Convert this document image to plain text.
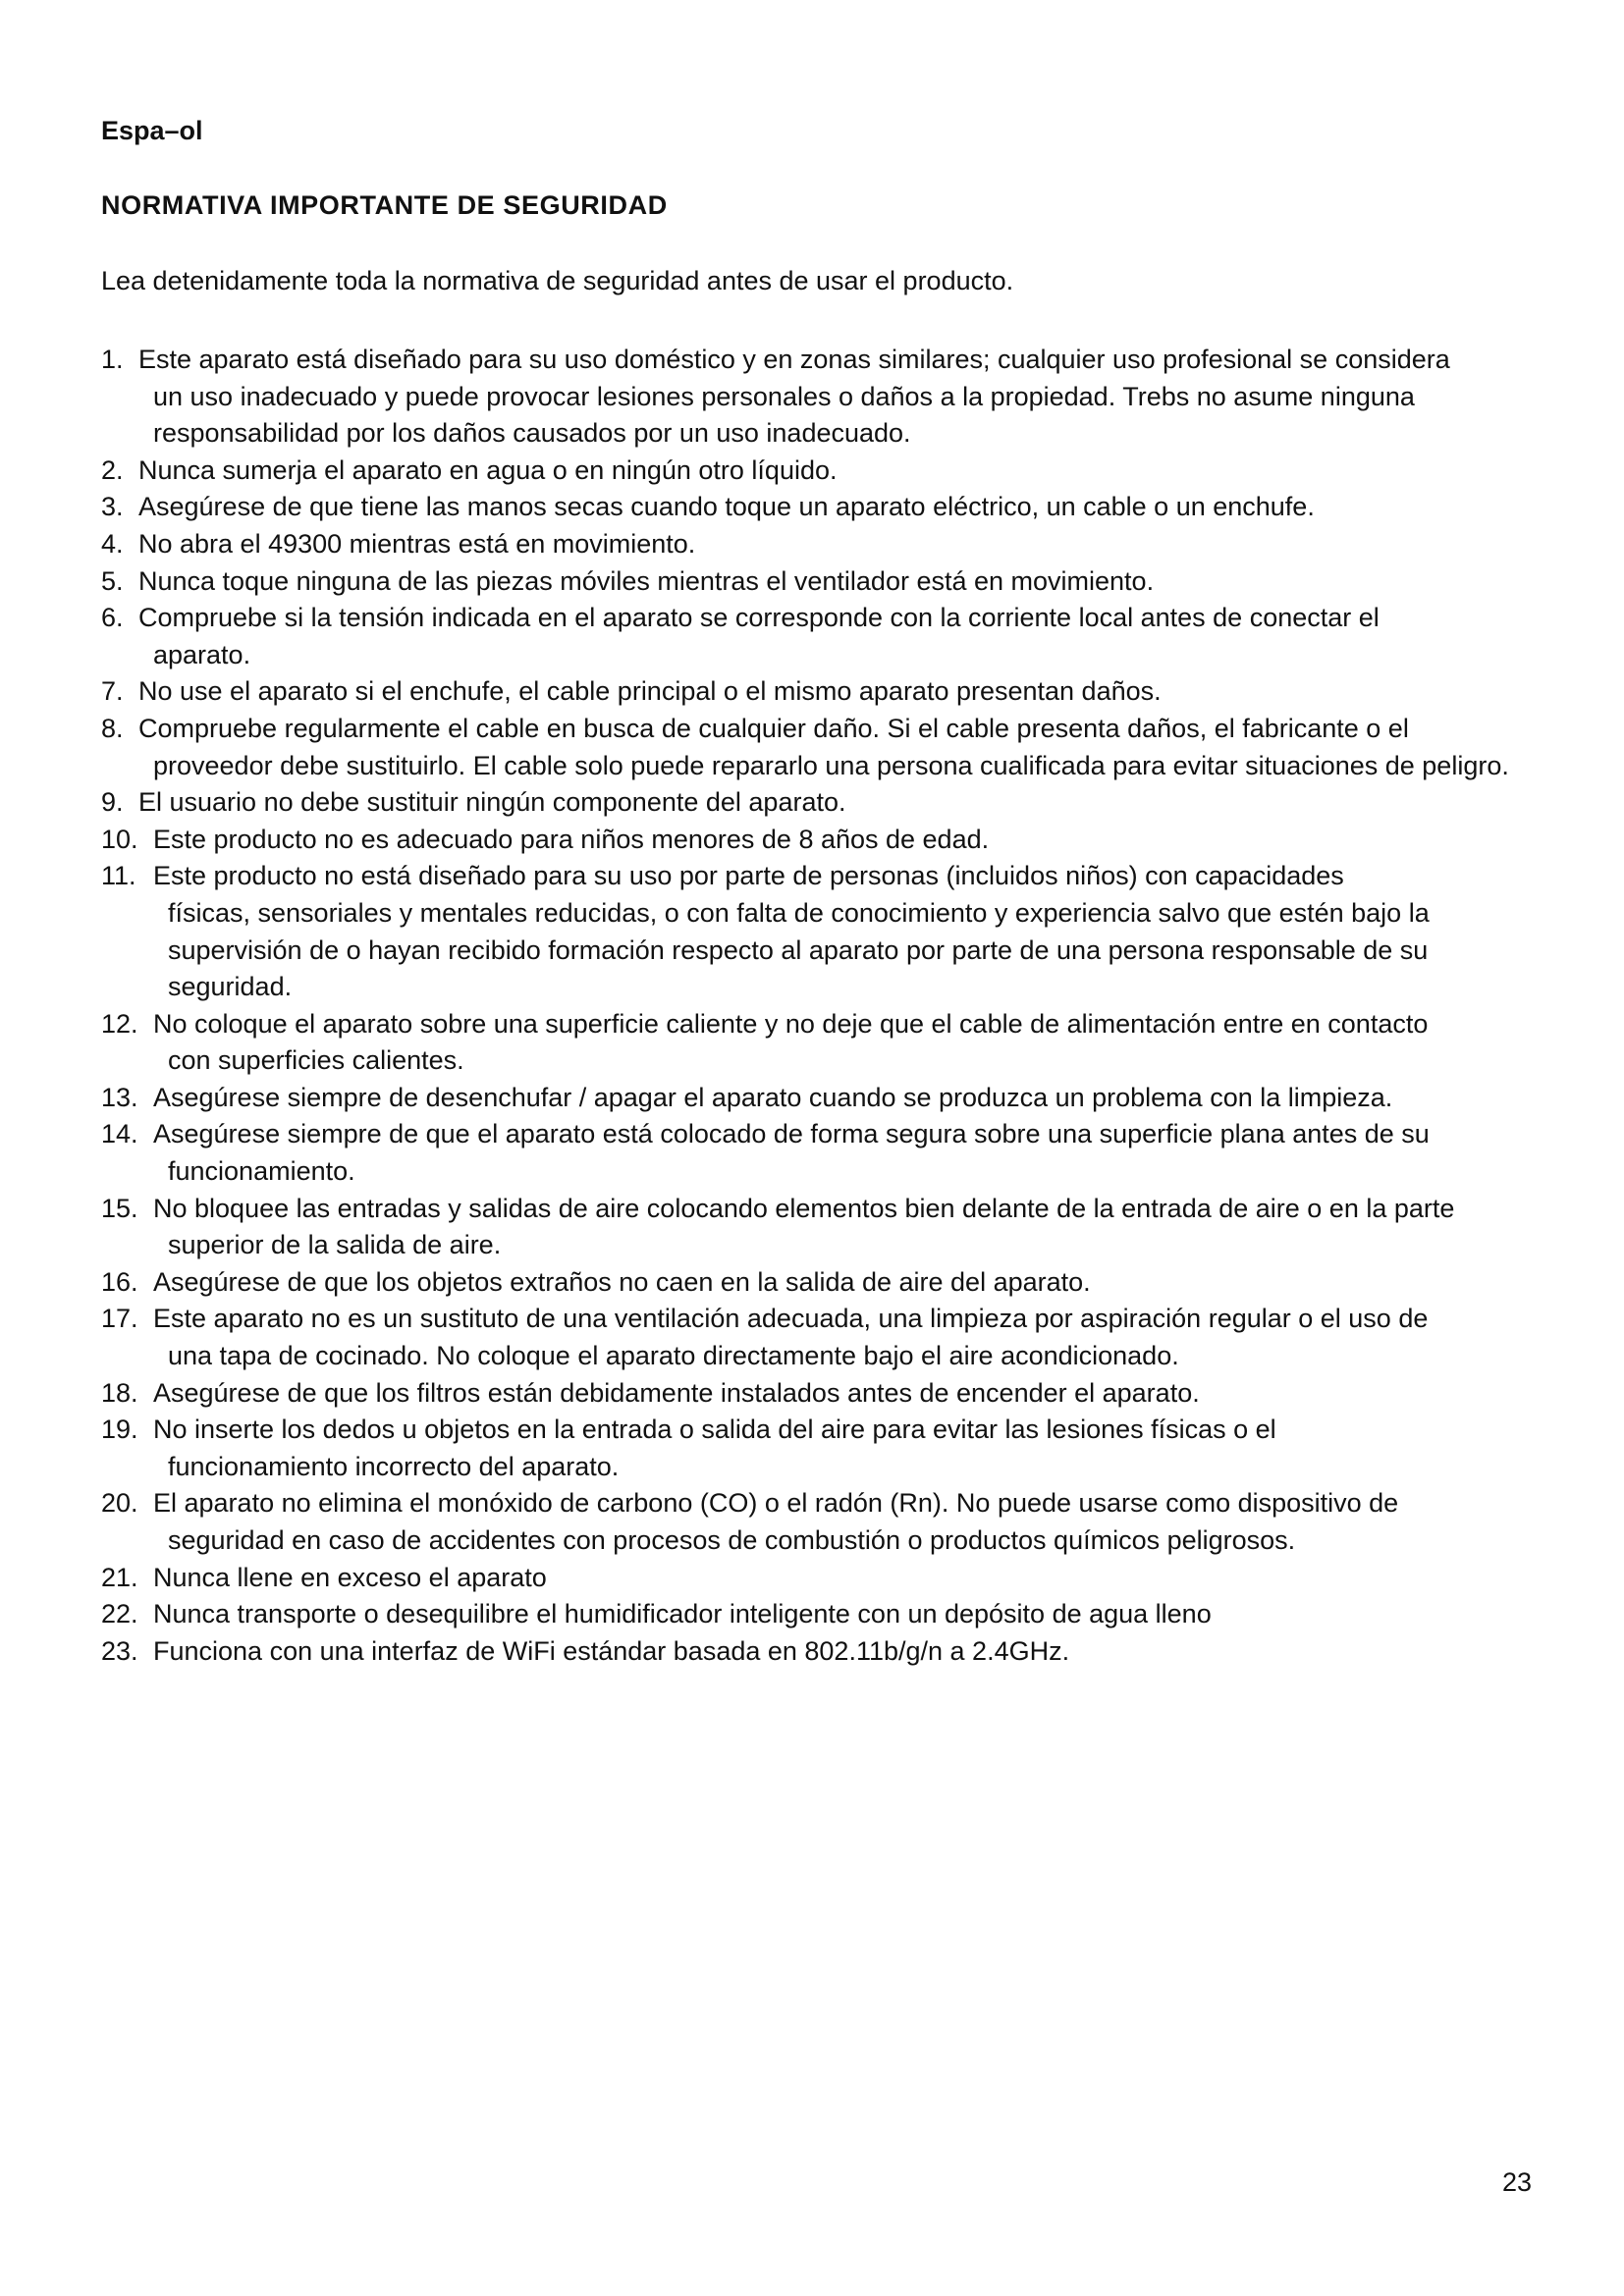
Espa–ol

NORMATIVA IMPORTANTE DE SEGURIDAD

Lea detenidamente toda la normativa de seguridad antes de usar el producto.

1. Este aparato está diseñado para su uso doméstico y en zonas similares; cualquier uso profesional se considera
un uso inadecuado y puede provocar lesiones personales o daños a la propiedad. Trebs no asume ninguna responsabilidad por los daños causados por un uso inadecuado.
2. Nunca sumerja el aparato en agua o en ningún otro líquido.
3. Asegúrese de que tiene las manos secas cuando toque un aparato eléctrico, un cable o un enchufe.
4. No abra el 49300 mientras está en movimiento.
5. Nunca toque ninguna de las piezas móviles mientras el ventilador está en movimiento.
6. Compruebe si la tensión indicada en el aparato se corresponde con la corriente local antes de conectar el
aparato.
7. No use el aparato si el enchufe, el cable principal o el mismo aparato presentan daños.
8. Compruebe regularmente el cable en busca de cualquier daño. Si el cable presenta daños, el fabricante o el
proveedor debe sustituirlo. El cable solo puede repararlo una persona cualificada para evitar situaciones de peligro.
9. El usuario no debe sustituir ningún componente del aparato.
10. Este producto no es adecuado para niños menores de 8 años de edad.
11. Este producto no está diseñado para su uso por parte de personas (incluidos niños) con capacidades
físicas, sensoriales y mentales reducidas, o con falta de conocimiento y experiencia salvo que estén bajo la supervisión de o hayan recibido formación respecto al aparato por parte de una persona responsable de su seguridad.
12. No coloque el aparato sobre una superficie caliente y no deje que el cable de alimentación entre en contacto
con superficies calientes.
13. Asegúrese siempre de desenchufar / apagar el aparato cuando se produzca un problema con la limpieza.
14. Asegúrese siempre de que el aparato está colocado de forma segura sobre una superficie plana antes de su
funcionamiento.
15. No bloquee las entradas y salidas de aire colocando elementos bien delante de la entrada de aire o en la parte
superior de la salida de aire.
16. Asegúrese de que los objetos extraños no caen en la salida de aire del aparato.
17. Este aparato no es un sustituto de una ventilación adecuada, una limpieza por aspiración regular o el uso de
una tapa de cocinado. No coloque el aparato directamente bajo el aire acondicionado.
18. Asegúrese de que los filtros están debidamente instalados antes de encender el aparato.
19. No inserte los dedos u objetos en la entrada o salida del aire para evitar las lesiones físicas o el
funcionamiento incorrecto del aparato.
20. El aparato no elimina el monóxido de carbono (CO) o el radón (Rn). No puede usarse como dispositivo de
seguridad en caso de accidentes con procesos de combustión o productos químicos peligrosos.
21. Nunca llene en exceso el aparato
22. Nunca transporte o desequilibre el humidificador inteligente con un depósito de agua lleno
23. Funciona con una interfaz de WiFi estándar basada en 802.11b/g/n a 2.4GHz.

23
